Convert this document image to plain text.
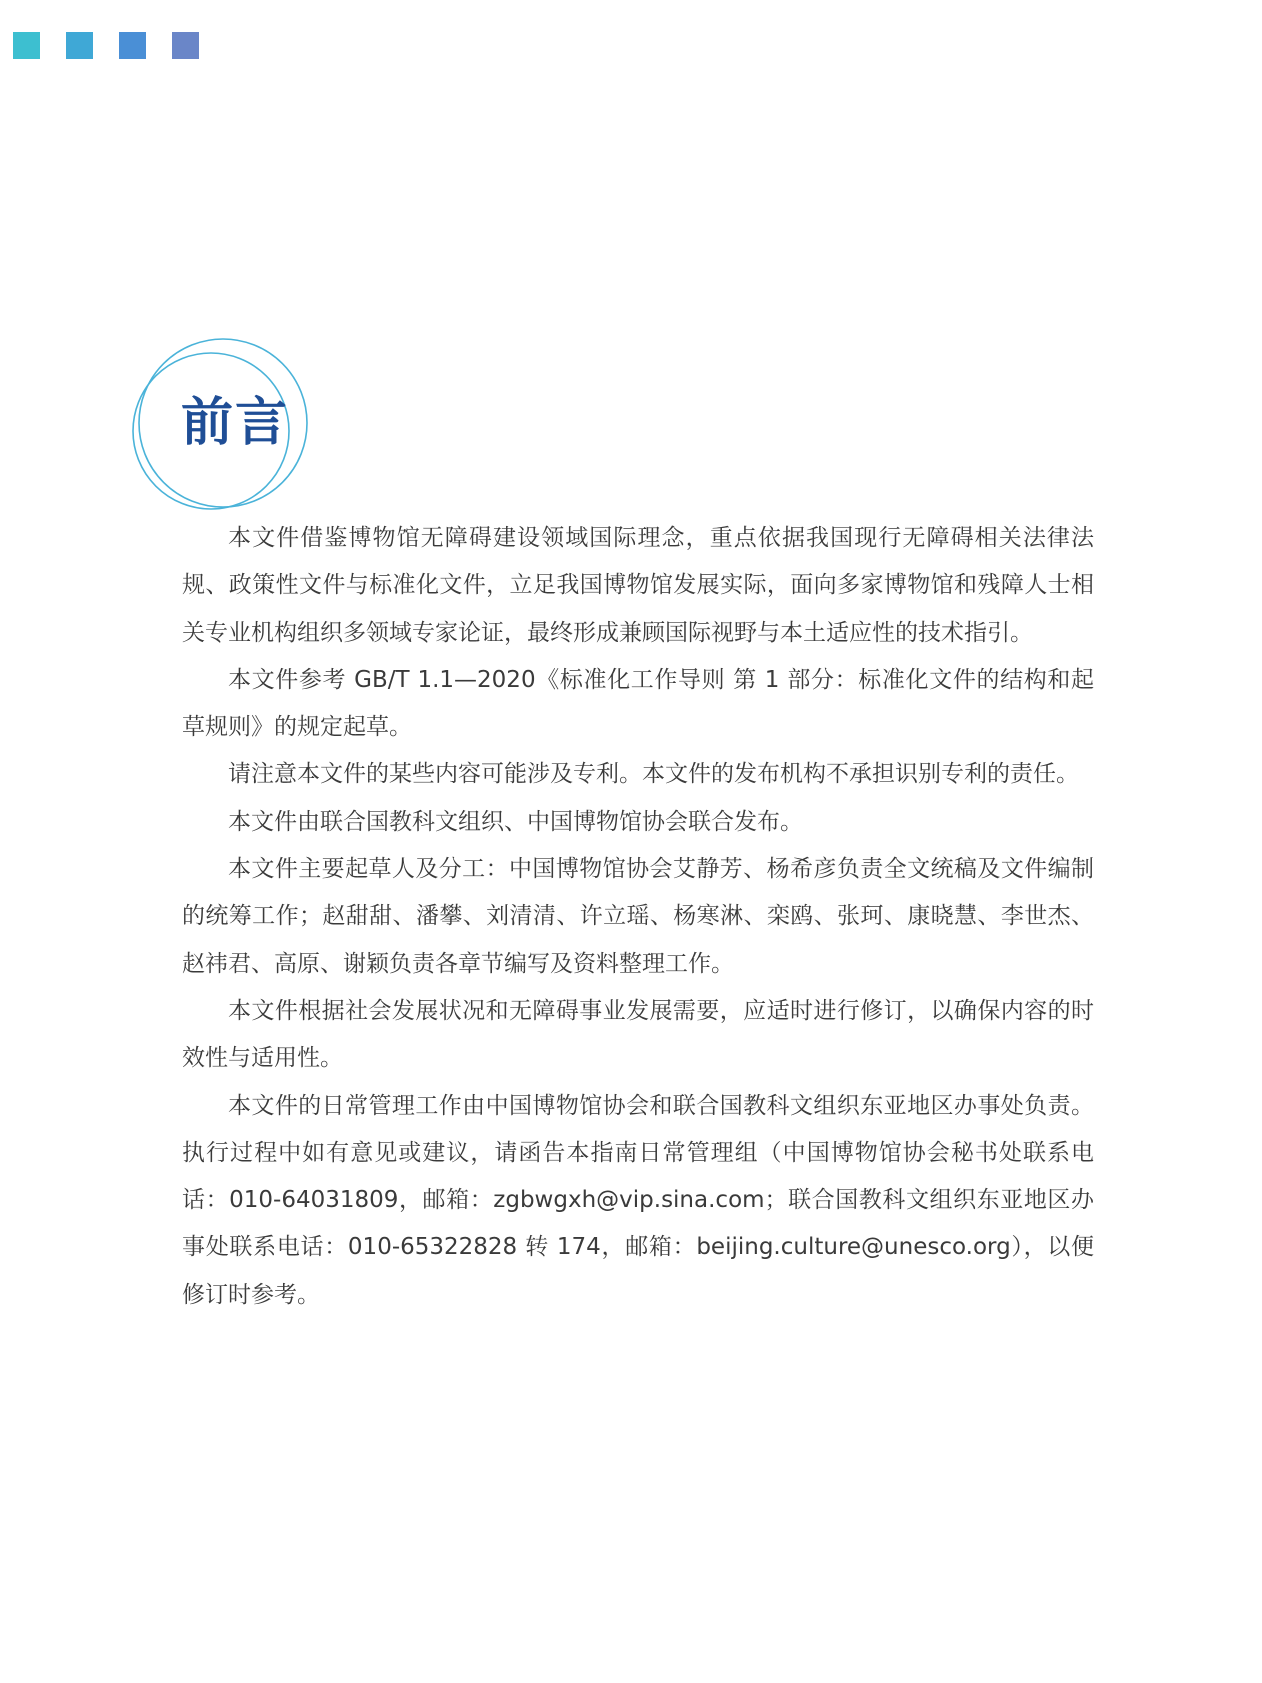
前言

本文件借鉴博物馆无障碍建设领域国际理念，重点依据我国现行无障碍相关法律法规、政策性文件与标准化文件，立足我国博物馆发展实际，面向多家博物馆和残障人士相关专业机构组织多领域专家论证，最终形成兼顾国际视野与本土适应性的技术指引。

本文件参考 GB/T 1.1—2020《标准化工作导则 第 1 部分：标准化文件的结构和起草规则》的规定起草。

请注意本文件的某些内容可能涉及专利。本文件的发布机构不承担识别专利的责任。

本文件由联合国教科文组织、中国博物馆协会联合发布。

本文件主要起草人及分工：中国博物馆协会艾静芳、杨希彦负责全文统稿及文件编制的统筹工作；赵甜甜、潘攀、刘清清、许立瑶、杨寒淋、栾鸥、张珂、康晓慧、李世杰、赵祎君、高原、谢颖负责各章节编写及资料整理工作。

本文件根据社会发展状况和无障碍事业发展需要，应适时进行修订，以确保内容的时效性与适用性。

本文件的日常管理工作由中国博物馆协会和联合国教科文组织东亚地区办事处负责。执行过程中如有意见或建议，请函告本指南日常管理组（中国博物馆协会秘书处联系电话：010-64031809，邮箱：zgbwgxh@vip.sina.com；联合国教科文组织东亚地区办事处联系电话：010-65322828 转 174，邮箱：beijing.culture@unesco.org），以便修订时参考。
